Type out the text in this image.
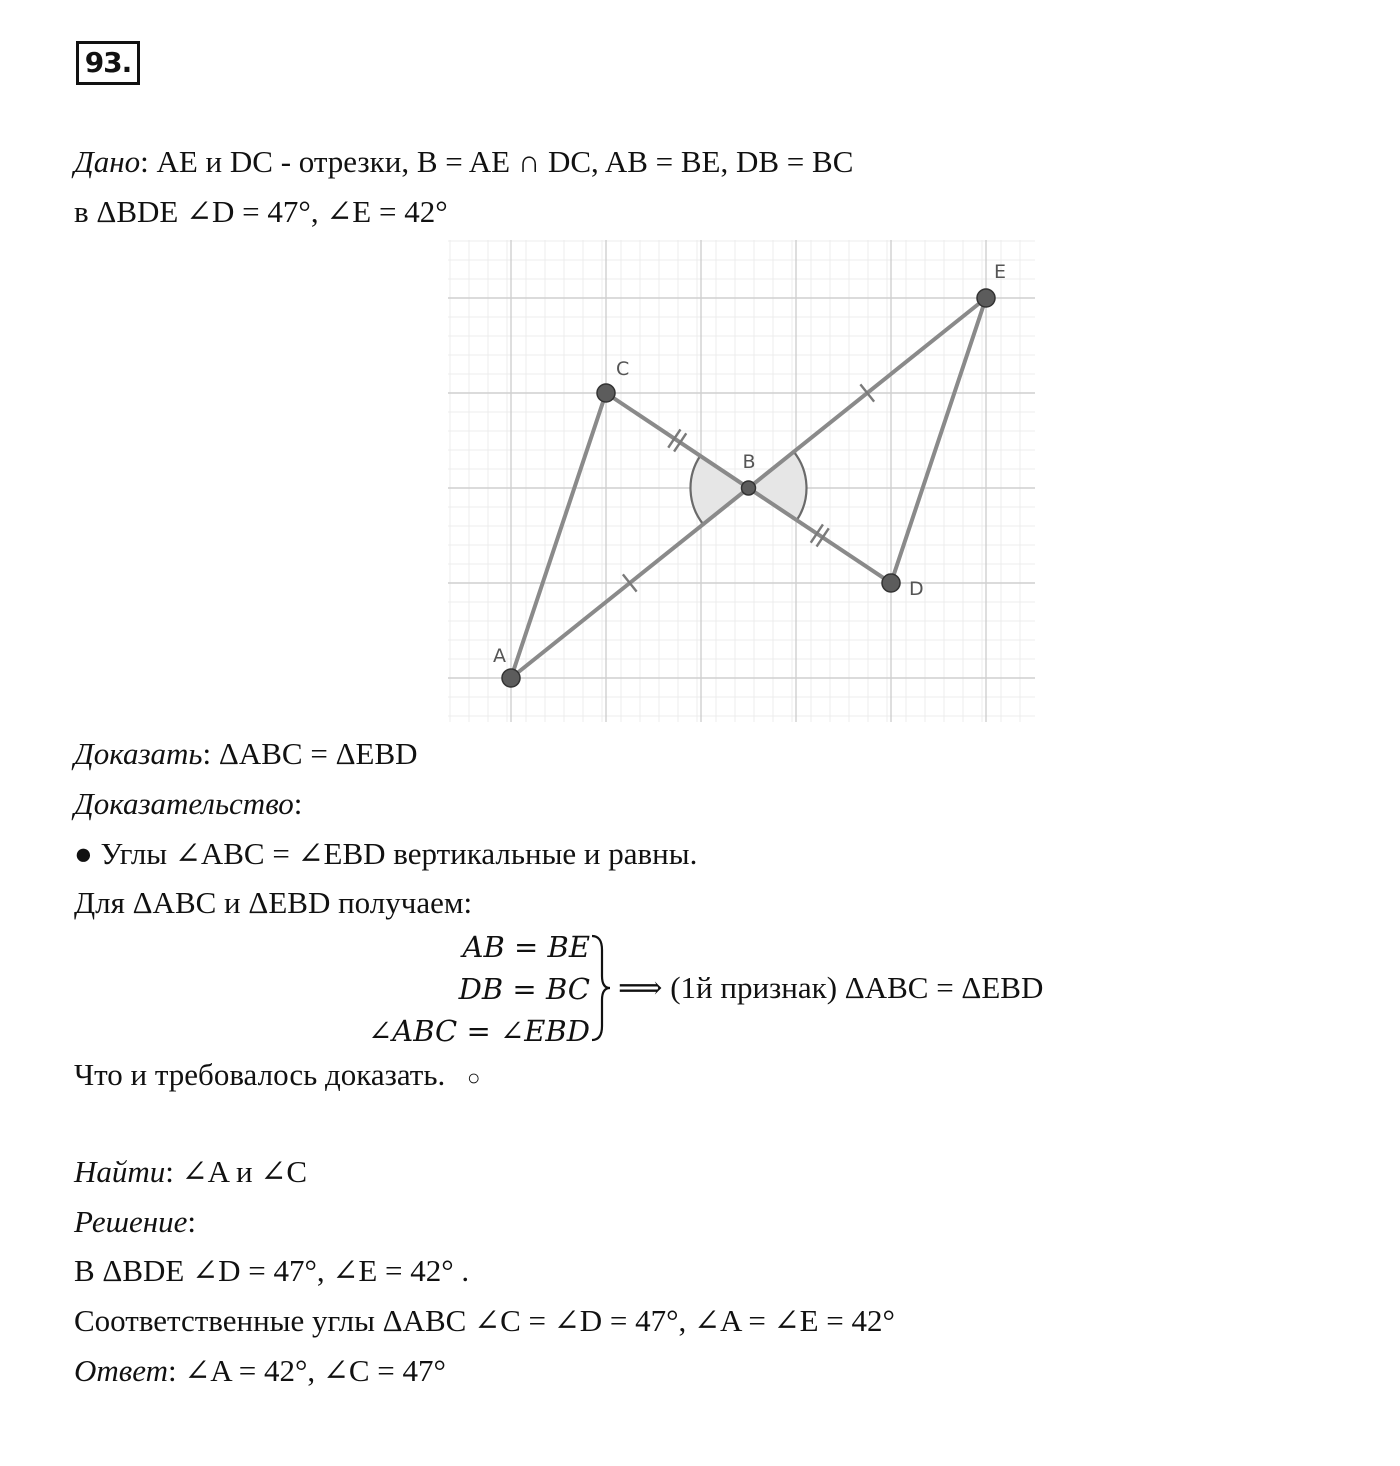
93.
Дано: AE и DC - отрезки, B = AE ∩ DC, AB = BE, DB = BC
в ΔBDE ∠D = 47°, ∠E = 42°
A
B
C
D
E
Доказать: ΔABC = ΔEBD
Доказательство:
● Углы ∠ABC = ∠EBD вертикальные и равны.
Для ΔABC и ΔEBD получаем:
AB = BE
DB = BC
∠ABC = ∠EBD
⟹ (1й признак) ΔABC = ΔEBD
Что и требовалось доказать. ○
Найти: ∠A и ∠C
Решение:
В ΔBDE ∠D = 47°, ∠E = 42° .
Соответственные углы ΔABC ∠C = ∠D = 47°, ∠A = ∠E = 42°
Ответ: ∠A = 42°, ∠C = 47°
